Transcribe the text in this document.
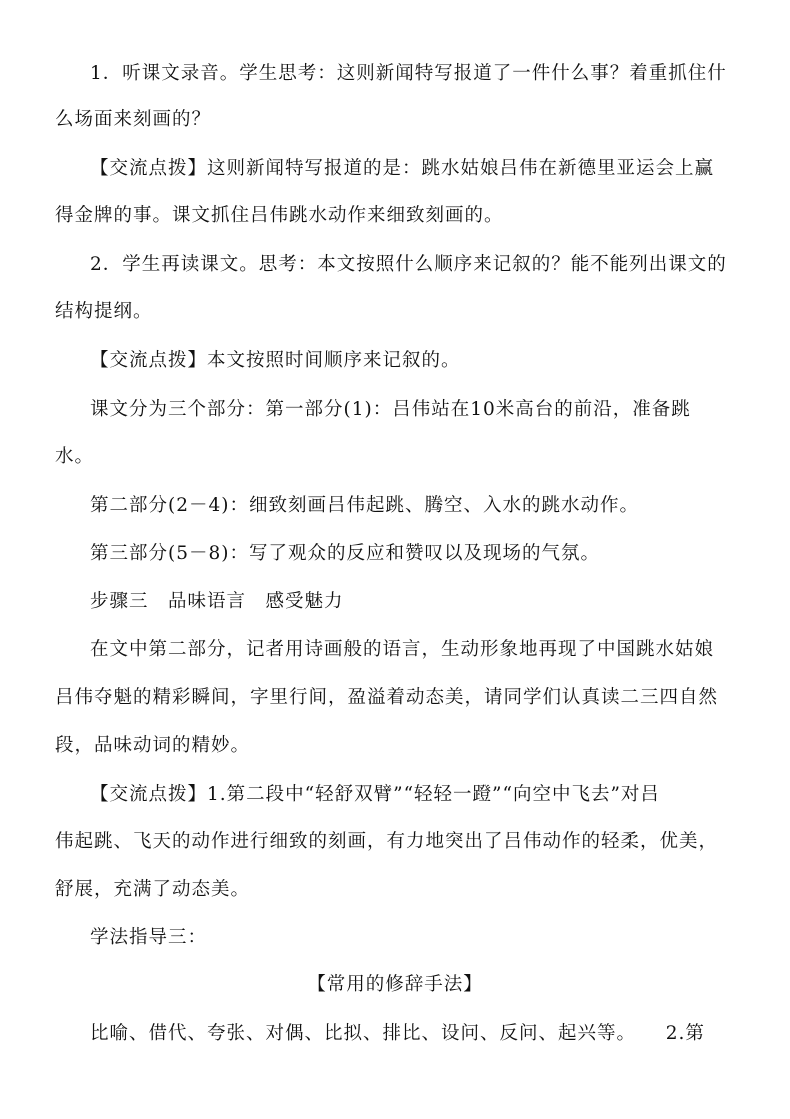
1．听课文录音。学生思考：这则新闻特写报道了一件什么事？着重抓住什
么场面来刻画的？
【交流点拨】这则新闻特写报道的是：跳水姑娘吕伟在新德里亚运会上赢
得金牌的事。课文抓住吕伟跳水动作来细致刻画的。
2．学生再读课文。思考：本文按照什么顺序来记叙的？能不能列出课文的
结构提纲。
【交流点拨】本文按照时间顺序来记叙的。
课文分为三个部分：第一部分(1)：吕伟站在10米高台的前沿，准备跳
水。
第二部分(2－4)：细致刻画吕伟起跳、腾空、入水的跳水动作。
第三部分(5－8)：写了观众的反应和赞叹以及现场的气氛。
步骤三　品味语言　感受魅力
在文中第二部分，记者用诗画般的语言，生动形象地再现了中国跳水姑娘
吕伟夺魁的精彩瞬间，字里行间，盈溢着动态美，请同学们认真读二三四自然
段，品味动词的精妙。
【交流点拨】1.第二段中“轻舒双臂”“轻轻一蹬”“向空中飞去”对吕
伟起跳、飞天的动作进行细致的刻画，有力地突出了吕伟动作的轻柔，优美，
舒展，充满了动态美。
学法指导三：
【常用的修辞手法】
比喻、借代、夸张、对偶、比拟、排比、设问、反问、起兴等。　　2.第
